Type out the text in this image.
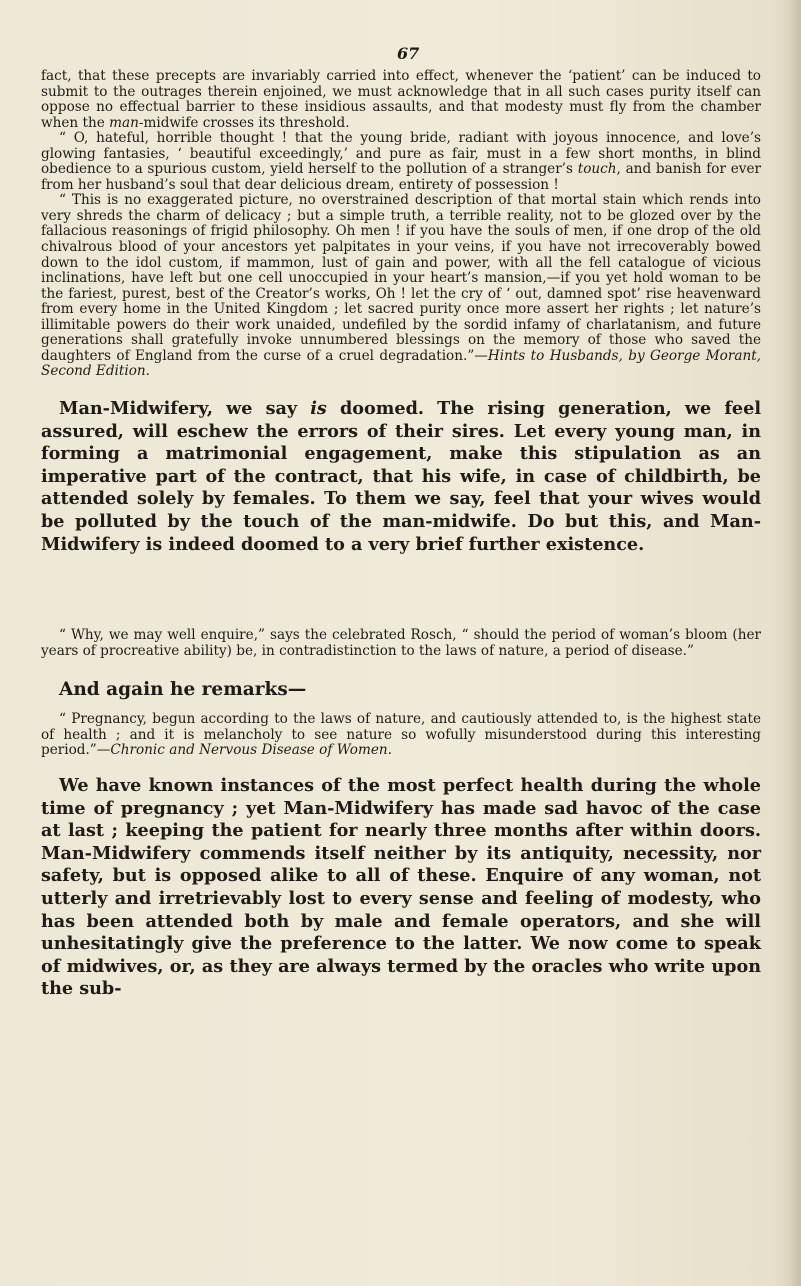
67

fact, that these precepts are invariably carried into effect, whenever the ‘patient’ can be induced to submit to the outrages therein enjoined, we must acknowledge that in all such cases purity itself can oppose no effectual barrier to these insidious assaults, and that modesty must fly from the chamber when the man-midwife crosses its threshold.

“ O, hateful, horrible thought ! that the young bride, radiant with joyous innocence, and love’s glowing fantasies, ‘ beautiful exceedingly,’ and pure as fair, must in a few short months, in blind obedience to a spurious custom, yield herself to the pollution of a stranger’s touch, and banish for ever from her husband’s soul that dear delicious dream, entirety of possession !

“ This is no exaggerated picture, no overstrained description of that mortal stain which rends into very shreds the charm of delicacy ; but a simple truth, a terrible reality, not to be glozed over by the fallacious reasonings of frigid philosophy. Oh men ! if you have the souls of men, if one drop of the old chivalrous blood of your ancestors yet palpitates in your veins, if you have not irrecoverably bowed down to the idol custom, if mammon, lust of gain and power, with all the fell catalogue of vicious inclinations, have left but one cell unoccupied in your heart’s mansion,—if you yet hold woman to be the fariest, purest, best of the Creator’s works, Oh ! let the cry of ‘ out, damned spot’ rise heavenward from every home in the United Kingdom ; let sacred purity once more assert her rights ; let nature’s illimitable powers do their work unaided, undefiled by the sordid infamy of charlatanism, and future generations shall gratefully invoke unnumbered blessings on the memory of those who saved the daughters of England from the curse of a cruel degradation.”—Hints to Husbands, by George Morant, Second Edition.

Man-Midwifery, we say is doomed. The rising generation, we feel assured, will eschew the errors of their sires. Let every young man, in forming a matrimonial engagement, make this stipulation as an imperative part of the contract, that his wife, in case of childbirth, be attended solely by females. To them we say, feel that your wives would be polluted by the touch of the man-midwife. Do but this, and Man-Midwifery is indeed doomed to a very brief further existence.

“ Why, we may well enquire,” says the celebrated Rosch, “ should the period of woman’s bloom (her years of procreative ability) be, in contradistinction to the laws of nature, a period of disease.”

And again he remarks—

“ Pregnancy, begun according to the laws of nature, and cautiously attended to, is the highest state of health ; and it is melancholy to see nature so wofully misunderstood during this interesting period.”—Chronic and Nervous Disease of Women.

We have known instances of the most perfect health during the whole time of pregnancy ; yet Man-Midwifery has made sad havoc of the case at last ; keeping the patient for nearly three months after within doors. Man-Midwifery commends itself neither by its antiquity, necessity, nor safety, but is opposed alike to all of these. Enquire of any woman, not utterly and irretrievably lost to every sense and feeling of modesty, who has been attended both by male and female operators, and she will unhesitatingly give the preference to the latter. We now come to speak of midwives, or, as they are always termed by the oracles who write upon the sub-
